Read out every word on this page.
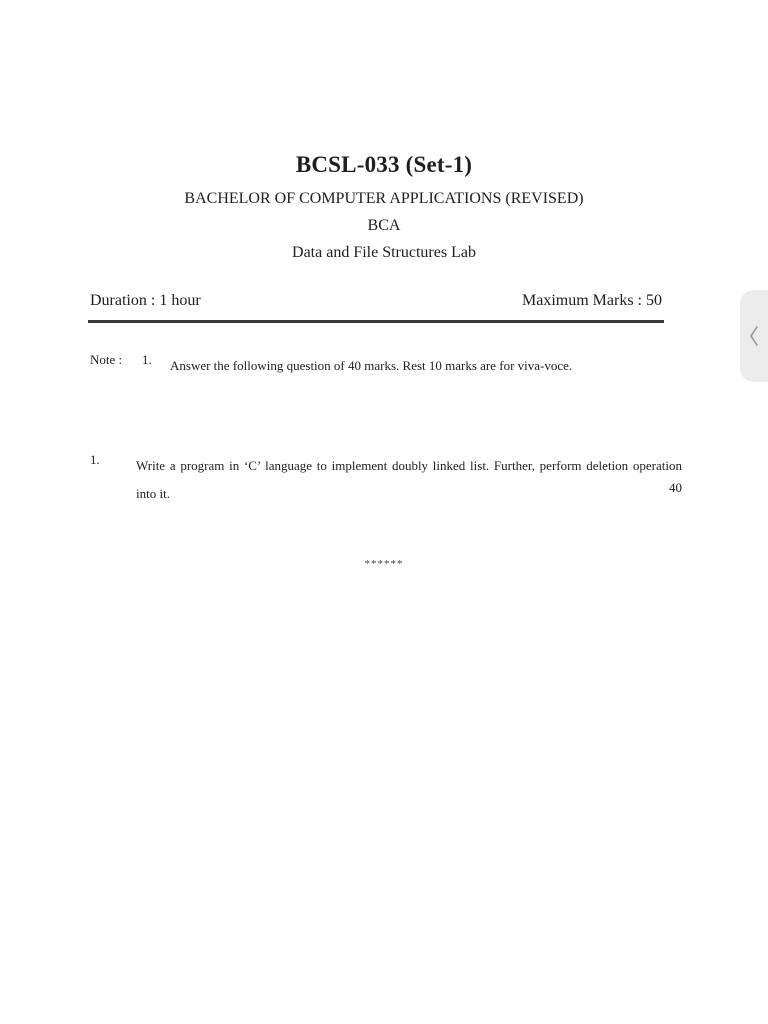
BCSL-033 (Set-1)
BACHELOR OF COMPUTER APPLICATIONS (REVISED)
BCA
Data and File Structures Lab
Duration : 1 hour	Maximum Marks : 50
Note : 1. Answer the following question of 40 marks. Rest 10 marks are for viva-voce.
1.	Write a program in ‘C’ language to implement doubly linked list. Further, perform deletion operation into it.	40
******
